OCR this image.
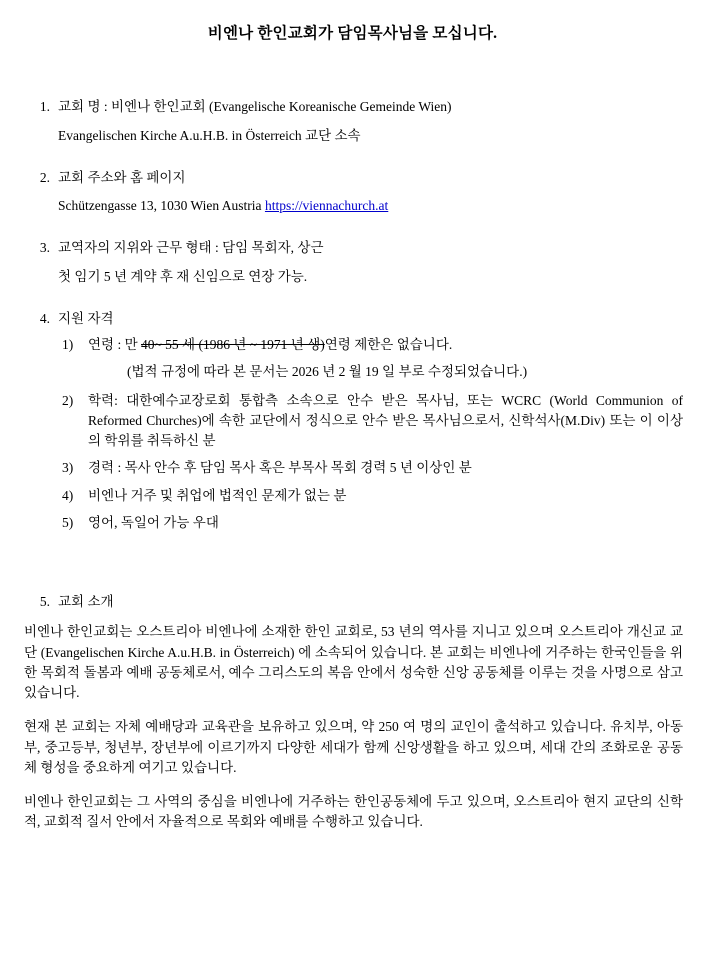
비엔나 한인교회가 담임목사님을 모십니다.
1. 교회 명 : 비엔나 한인교회 (Evangelische Koreanische Gemeinde Wien)
Evangelischen Kirche A.u.H.B. in Österreich 교단 소속
2. 교회 주소와 홈 페이지
Schützengasse 13, 1030 Wien Austria https://viennachurch.at
3. 교역자의 지위와 근무 형태 : 담임 목회자, 상근
첫 임기 5 년 계약 후 재 신임으로 연장 가능.
4. 지원 자격
1)	연령 : 만 40~ 55 세 (1986 년 ~ 1971 년 생)연령 제한은 없습니다.
(법적 규정에 따라 본 문서는 2026 년 2 월 19 일 부로 수정되었습니다.)
2)	학력: 대한예수교장로회 통합측 소속으로 안수 받은 목사님, 또는 WCRC (World Communion of Reformed Churches)에 속한 교단에서 정식으로 안수 받은 목사님으로서, 신학석사(M.Div) 또는 이 이상의 학위를 취득하신 분
3)	경력 : 목사 안수 후 담임 목사 혹은 부목사 목회 경력 5 년 이상인 분
4)	비엔나 거주 및 취업에 법적인 문제가 없는 분
5)	영어, 독일어 가능 우대
5. 교회 소개

비엔나 한인교회는 오스트리아 비엔나에 소재한 한인 교회로, 53 년의 역사를 지니고 있으며 오스트리아 개신교 교단 (Evangelischen Kirche A.u.H.B. in Österreich) 에 소속되어 있습니다. 본 교회는 비엔나에 거주하는 한국인들을 위한 목회적 돌봄과 예배 공동체로서, 예수 그리스도의 복음 안에서 성숙한 신앙 공동체를 이루는 것을 사명으로 삼고 있습니다.

현재 본 교회는 자체 예배당과 교육관을 보유하고 있으며, 약 250 여 명의 교인이 출석하고 있습니다. 유치부, 아동부, 중고등부, 청년부, 장년부에 이르기까지 다양한 세대가 함께 신앙생활을 하고 있으며, 세대 간의 조화로운 공동체 형성을 중요하게 여기고 있습니다.

비엔나 한인교회는 그 사역의 중심을 비엔나에 거주하는 한인공동체에 두고 있으며, 오스트리아 현지 교단의 신학적, 교회적 질서 안에서 자율적으로 목회와 예배를 수행하고 있습니다.
